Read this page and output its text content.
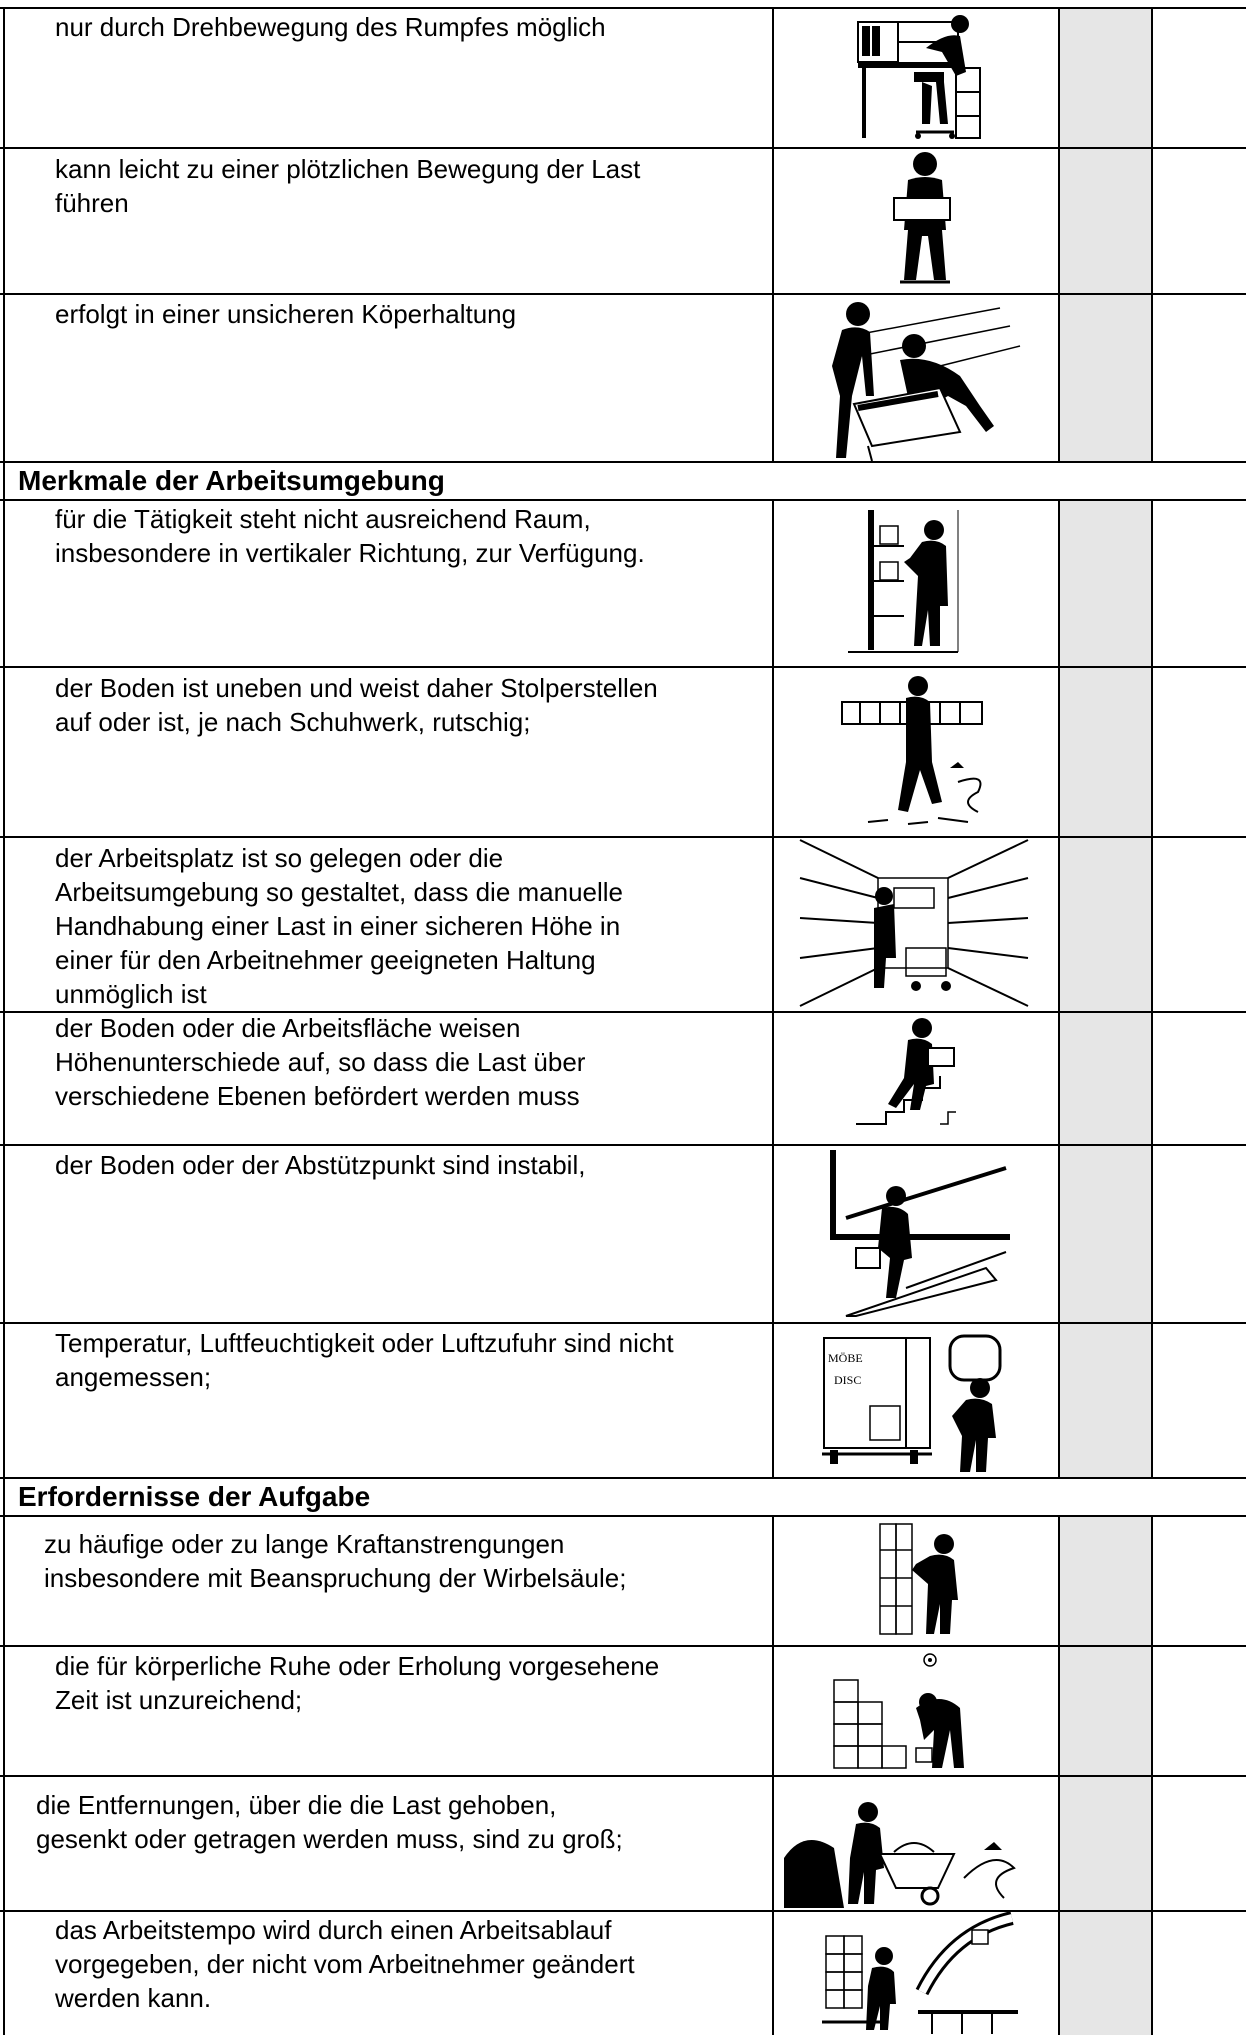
nur durch Drehbewegung des Rumpfes möglich

kann leicht zu einer plötzlichen Bewegung der Last
führen

erfolgt in einer unsicheren Köperhaltung

Merkmale der Arbeitsumgebung

für die Tätigkeit steht nicht ausreichend Raum,
insbesondere in vertikaler Richtung, zur Verfügung.

der Boden ist uneben und weist daher Stolperstellen
auf oder ist, je nach Schuhwerk, rutschig;

der Arbeitsplatz ist so gelegen oder die
Arbeitsumgebung so gestaltet, dass die manuelle
Handhabung einer Last in einer sicheren Höhe in
einer für den Arbeitnehmer geeigneten Haltung
unmöglich ist

der Boden oder die Arbeitsfläche weisen
Höhenunterschiede auf, so dass die Last über
verschiedene Ebenen befördert werden muss

der Boden oder der Abstützpunkt sind instabil,

Temperatur, Luftfeuchtigkeit oder Luftzufuhr sind nicht
angemessen;

MÖBE
DISC

Erfordernisse der Aufgabe

zu häufige oder zu lange Kraftanstrengungen
insbesondere mit Beanspruchung der Wirbelsäule;

die für körperliche Ruhe oder Erholung vorgesehene
Zeit ist unzureichend;

die Entfernungen, über die die Last gehoben,
gesenkt oder getragen werden muss, sind zu groß;

das Arbeitstempo wird durch einen Arbeitsablauf
vorgegeben, der nicht vom Arbeitnehmer geändert
werden kann.
